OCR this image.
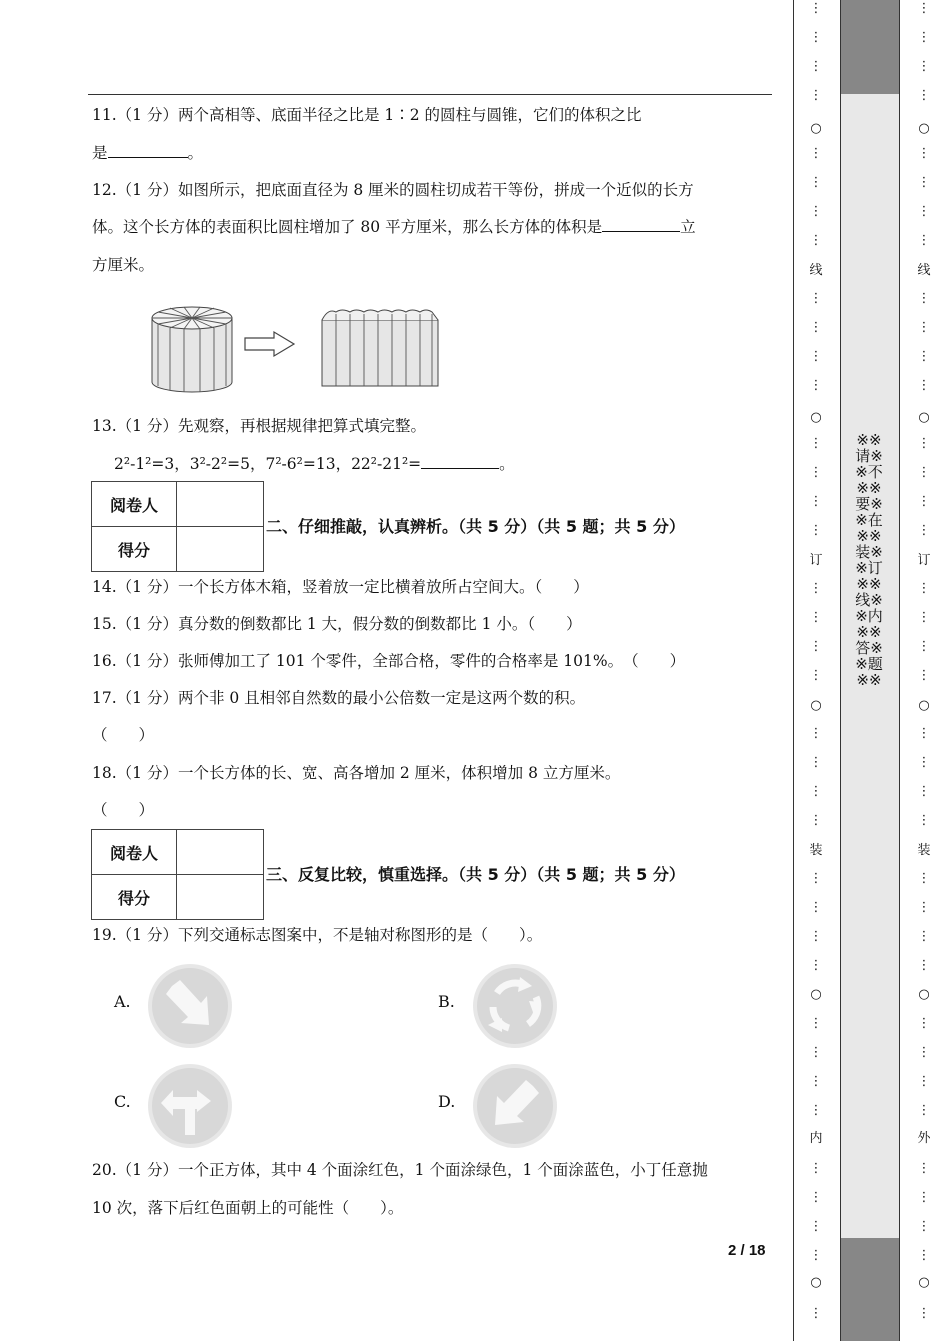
11.（1 分）两个高相等、底面半径之比是 1∶2 的圆柱与圆锥，它们的体积之比
是	。
12.（1 分）如图所示，把底面直径为 8 厘米的圆柱切成若干等份，拼成一个近似的长方
体。这个长方体的表面积比圆柱增加了 80 平方厘米，那么长方体的体积是	立
方厘米。
13.（1 分）先观察，再根据规律把算式填完整。
2²-1²=3，3²-2²=5，7²-6²=13，22²-21²=	。
阅卷人	
得分	
二、仔细推敲，认真辨析。（共 5 分）（共 5 题；共 5 分）
14.（1 分）一个长方体木箱，竖着放一定比横着放所占空间大。（　　）
15.（1 分）真分数的倒数都比 1 大，假分数的倒数都比 1 小。（　　）
16.（1 分）张师傅加工了 101 个零件，全部合格，零件的合格率是 101%。　（　　）
17.（1 分）两个非 0 且相邻自然数的最小公倍数一定是这两个数的积。
（　　）
18.（1 分）一个长方体的长、宽、高各增加 2 厘米，体积增加 8 立方厘米。
（　　）
阅卷人	
得分	
三、反复比较，慎重选择。（共 5 分）（共 5 题；共 5 分）
19.（1 分）下列交通标志图案中，不是轴对称图形的是（　　）。
A.	B.
C.	D.
20.（1 分）一个正方体，其中 4 个面涂红色，1 个面涂绿色，1 个面涂蓝色，小丁任意抛
10 次，落下后红色面朝上的可能性（　　）。
2 / 18
○
○
○
○
○
线
订
装
内
⋮
⋮
⋮
⋮
⋮
⋮
⋮
⋮
⋮
⋮
⋮
⋮
⋮
⋮
⋮
⋮
⋮
⋮
⋮
⋮
⋮
⋮
⋮
⋮
⋮
⋮
⋮
⋮
⋮
⋮
⋮
⋮
⋮
⋮
⋮
⋮
⋮
※※请※※不※※要※※在※※装※※订※※线※※内※※答※※题※※
○
○
○
○
○
线
订
装
外
⋮
⋮
⋮
⋮
⋮
⋮
⋮
⋮
⋮
⋮
⋮
⋮
⋮
⋮
⋮
⋮
⋮
⋮
⋮
⋮
⋮
⋮
⋮
⋮
⋮
⋮
⋮
⋮
⋮
⋮
⋮
⋮
⋮
⋮
⋮
⋮
⋮
